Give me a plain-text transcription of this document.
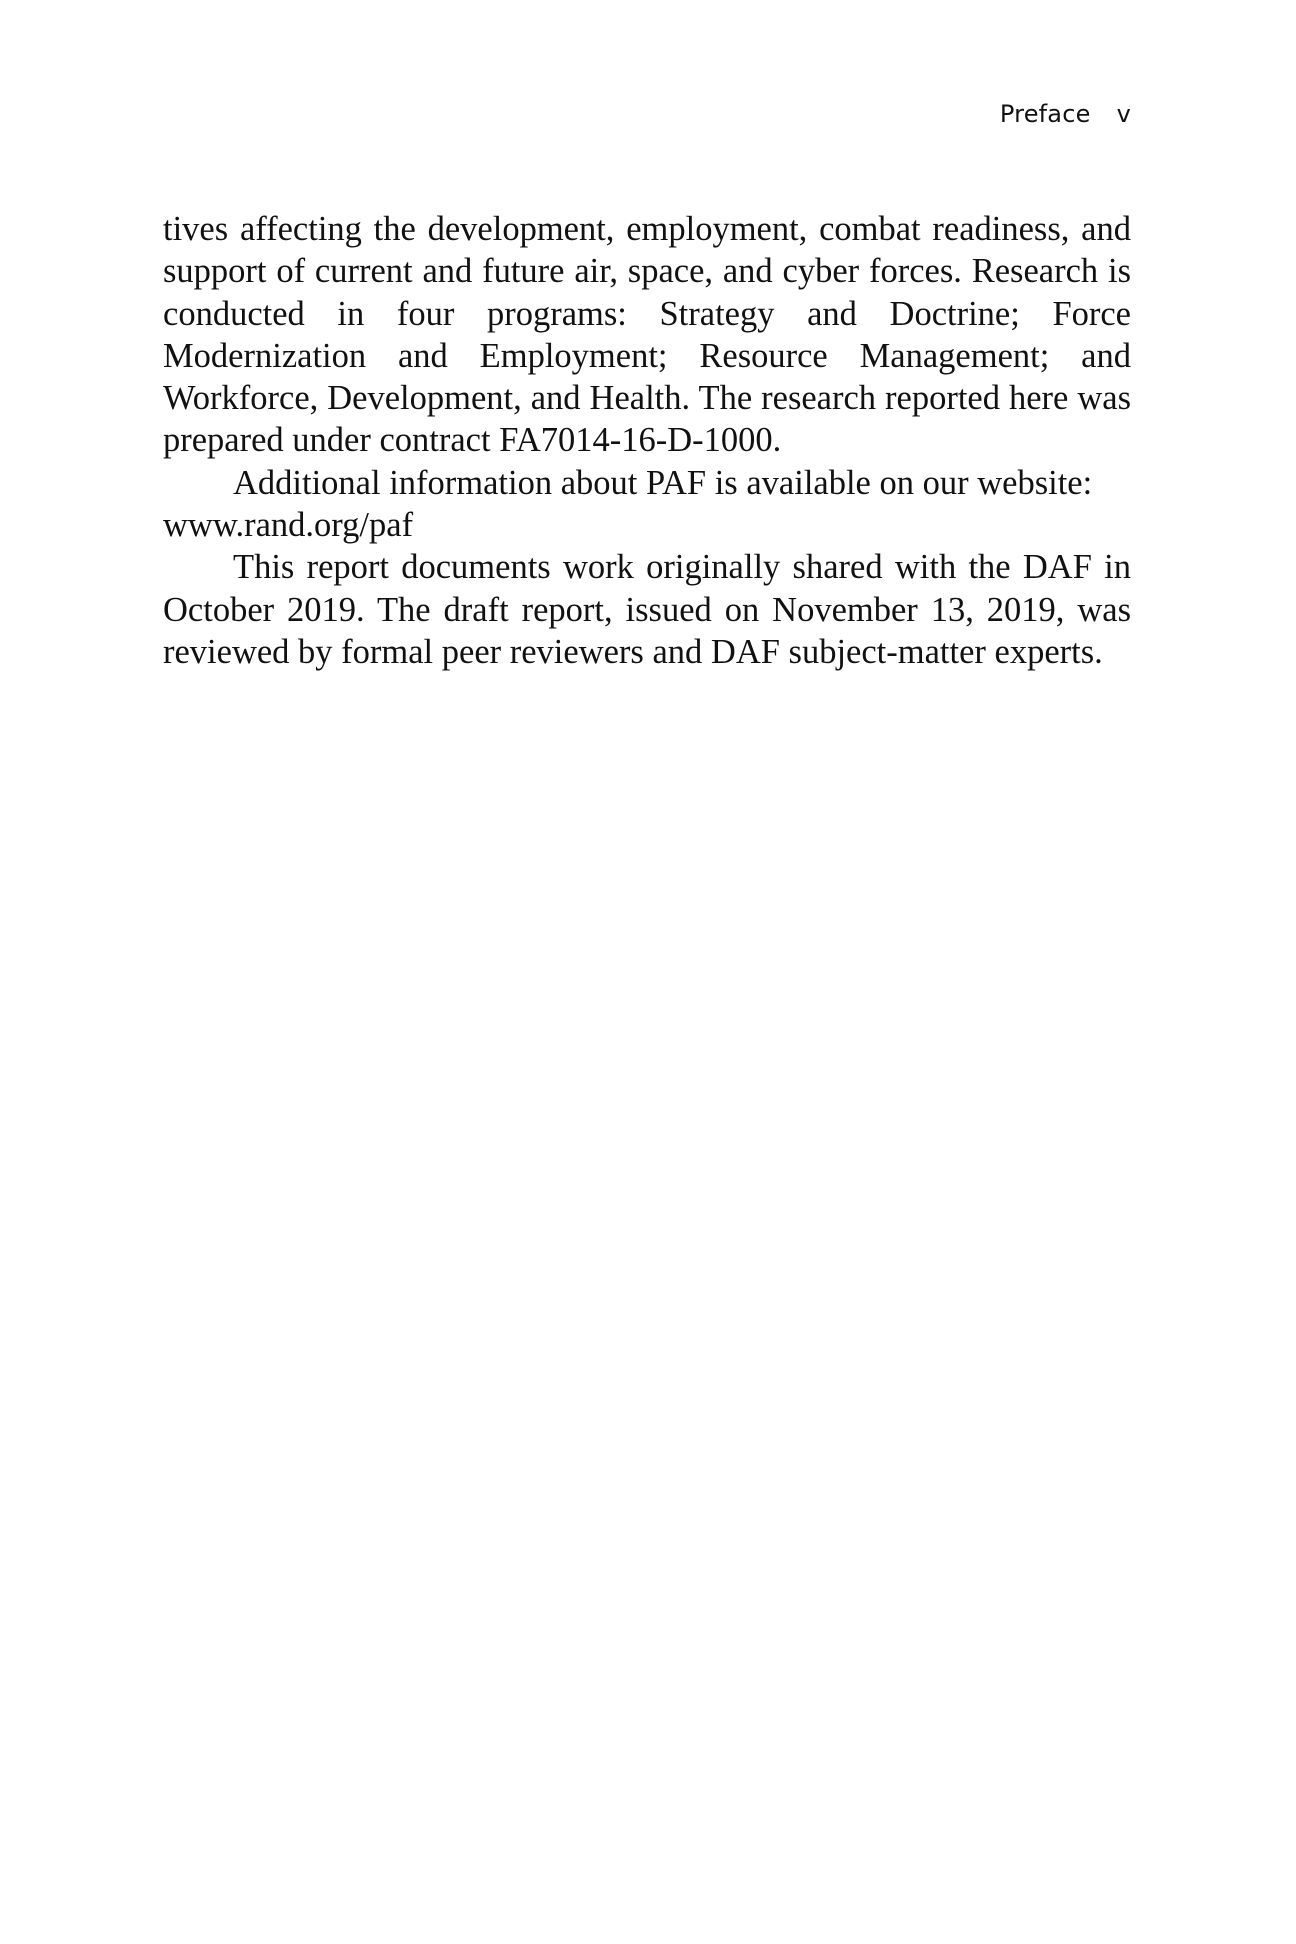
Preface v

tives affecting the development, employment, combat readiness, and support of current and future air, space, and cyber forces. Research is conducted in four programs: Strategy and Doctrine; Force Modernization and Employment; Resource Management; and Workforce, Development, and Health. The research reported here was prepared under contract FA7014-16-D-1000.

Additional information about PAF is available on our website:
www.rand.org/paf

This report documents work originally shared with the DAF in October 2019. The draft report, issued on November 13, 2019, was reviewed by formal peer reviewers and DAF subject-matter experts.
